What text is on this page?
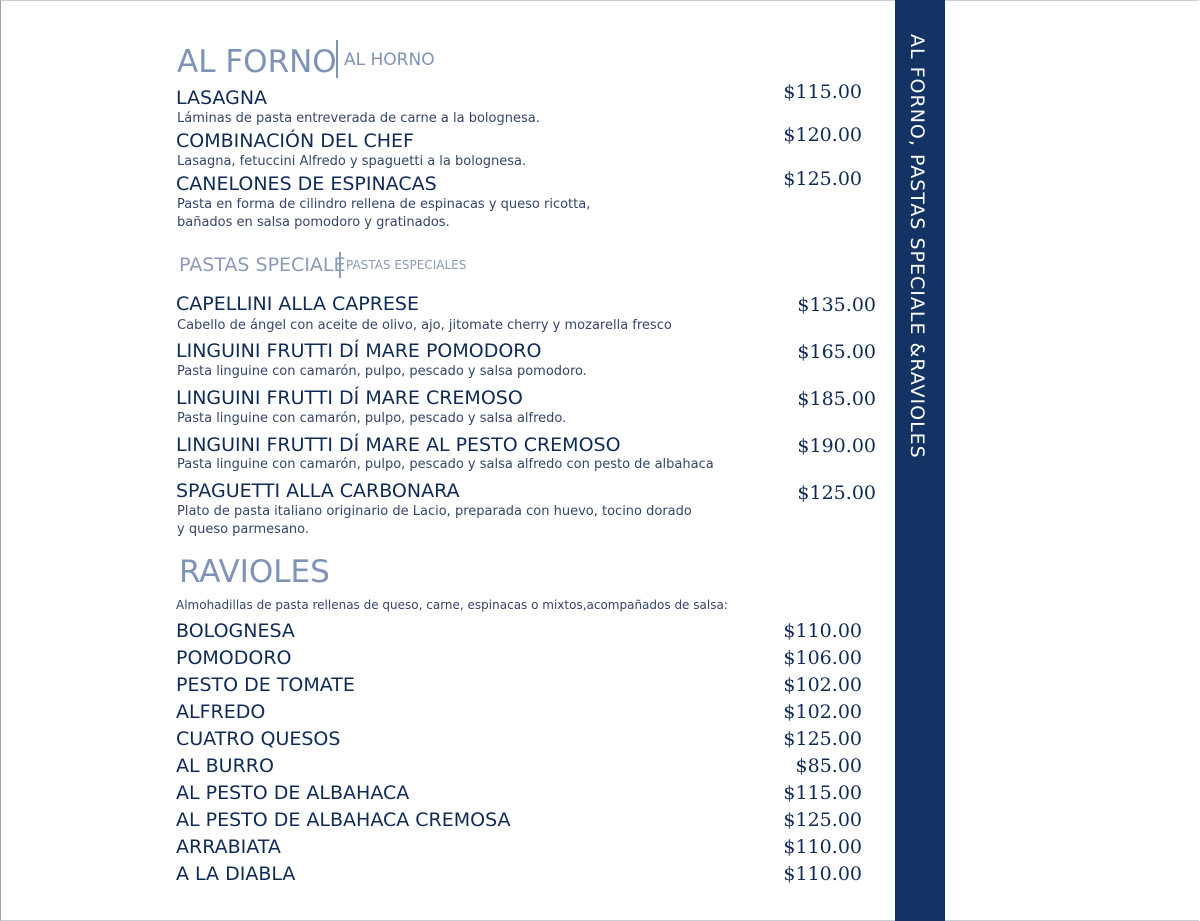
AL FORNO AL HORNO
LASAGNA
Láminas de pasta entreverada de carne a la bolognesa.
$115.00
COMBINACIÓN DEL CHEF
Lasagna, fetuccini Alfredo y spaguetti a la bolognesa.
$120.00
CANELONES DE ESPINACAS
Pasta en forma de cilindro rellena de espinacas y queso ricotta,
bañados en salsa pomodoro y gratinados.
$125.00
PASTAS SPECIALE PASTAS ESPECIALES
CAPELLINI ALLA CAPRESE
Cabello de ángel con aceite de olivo, ajo, jitomate cherry y mozarella fresco
$135.00
LINGUINI FRUTTI DÍ MARE POMODORO
Pasta linguine con camarón, pulpo, pescado y salsa pomodoro.
$165.00
LINGUINI FRUTTI DÍ MARE CREMOSO
Pasta linguine con camarón, pulpo, pescado y salsa alfredo.
$185.00
LINGUINI FRUTTI DÍ MARE AL PESTO CREMOSO
Pasta linguine con camarón, pulpo, pescado y salsa alfredo con pesto de albahaca
$190.00
SPAGUETTI ALLA CARBONARA
Plato de pasta italiano originario de Lacio, preparada con huevo, tocino dorado
y queso parmesano.
$125.00
RAVIOLES
Almohadillas de pasta rellenas de queso, carne, espinacas o mixtos,acompañados de salsa:
BOLOGNESA	$110.00
POMODORO	$106.00
PESTO DE TOMATE	$102.00
ALFREDO	$102.00
CUATRO QUESOS	$125.00
AL BURRO	$85.00
AL PESTO DE ALBAHACA	$115.00
AL PESTO DE ALBAHACA CREMOSA	$125.00
ARRABIATA	$110.00
A LA DIABLA	$110.00
AL FORNO, PASTAS SPECIALE &RAVIOLES
